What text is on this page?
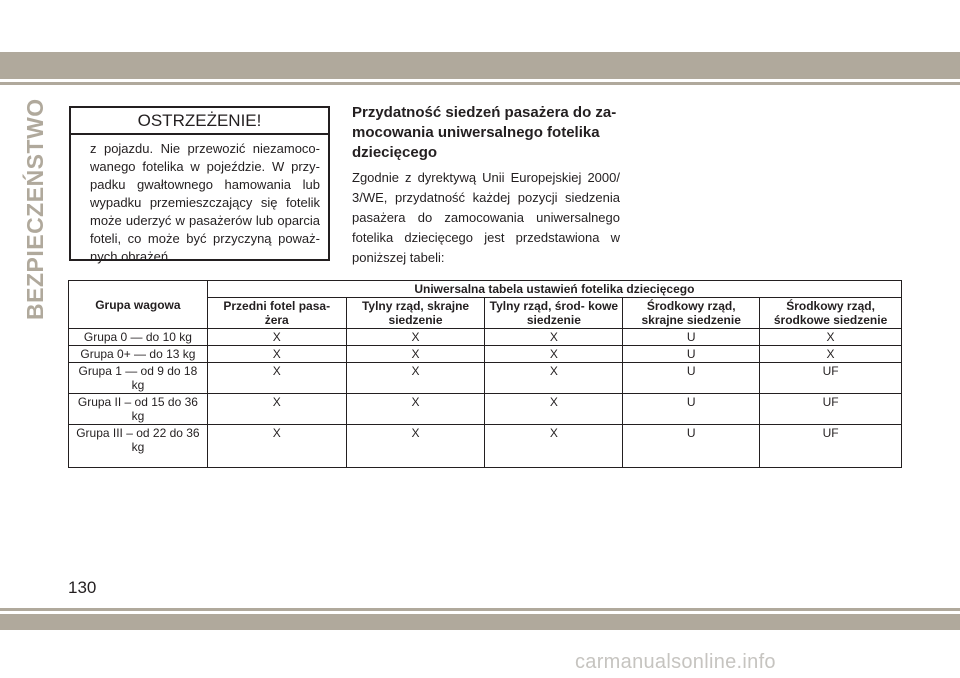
BEZPIECZEŃSTWO	OSTRZEŻENIE!

z pojazdu. Nie przewozić niezamoco- wanego fotelika w pojeździe. W przy- padku gwałtownego hamowania lub wypadku przemieszczający się fotelik może uderzyć w pasażerów lub oparcia foteli, co może być przyczyną poważ- nych obrażeń.

Przydatność siedzeń pasażera do za- mocowania uniwersalnego fotelika dziecięcego

Zgodnie z dyrektywą Unii Europejskiej 2000/ 3/WE, przydatność każdej pozycji siedzenia pasażera do zamocowania uniwersalnego fotelika dziecięcego jest przedstawiona w poniższej tabeli:

Grupa wagowa	Uniwersalna tabela ustawień fotelika dziecięcego				
	Przedni fotel pasa- żera	Tylny rząd, skrajne siedzenie	Tylny rząd, środ- kowe siedzenie	Środkowy rząd, skrajne siedzenie	Środkowy rząd, środkowe siedzenie
Grupa 0 — do 10 kg	X	X	X	U	X
Grupa 0+ — do 13 kg	X	X	X	U	X
Grupa 1 — od 9 do 18 kg	X	X	X	U	UF
Grupa II – od 15 do 36 kg	X	X	X	U	UF
Grupa III – od 22 do 36 kg	X	X	X	U	UF
130
carmanualsonline.info
